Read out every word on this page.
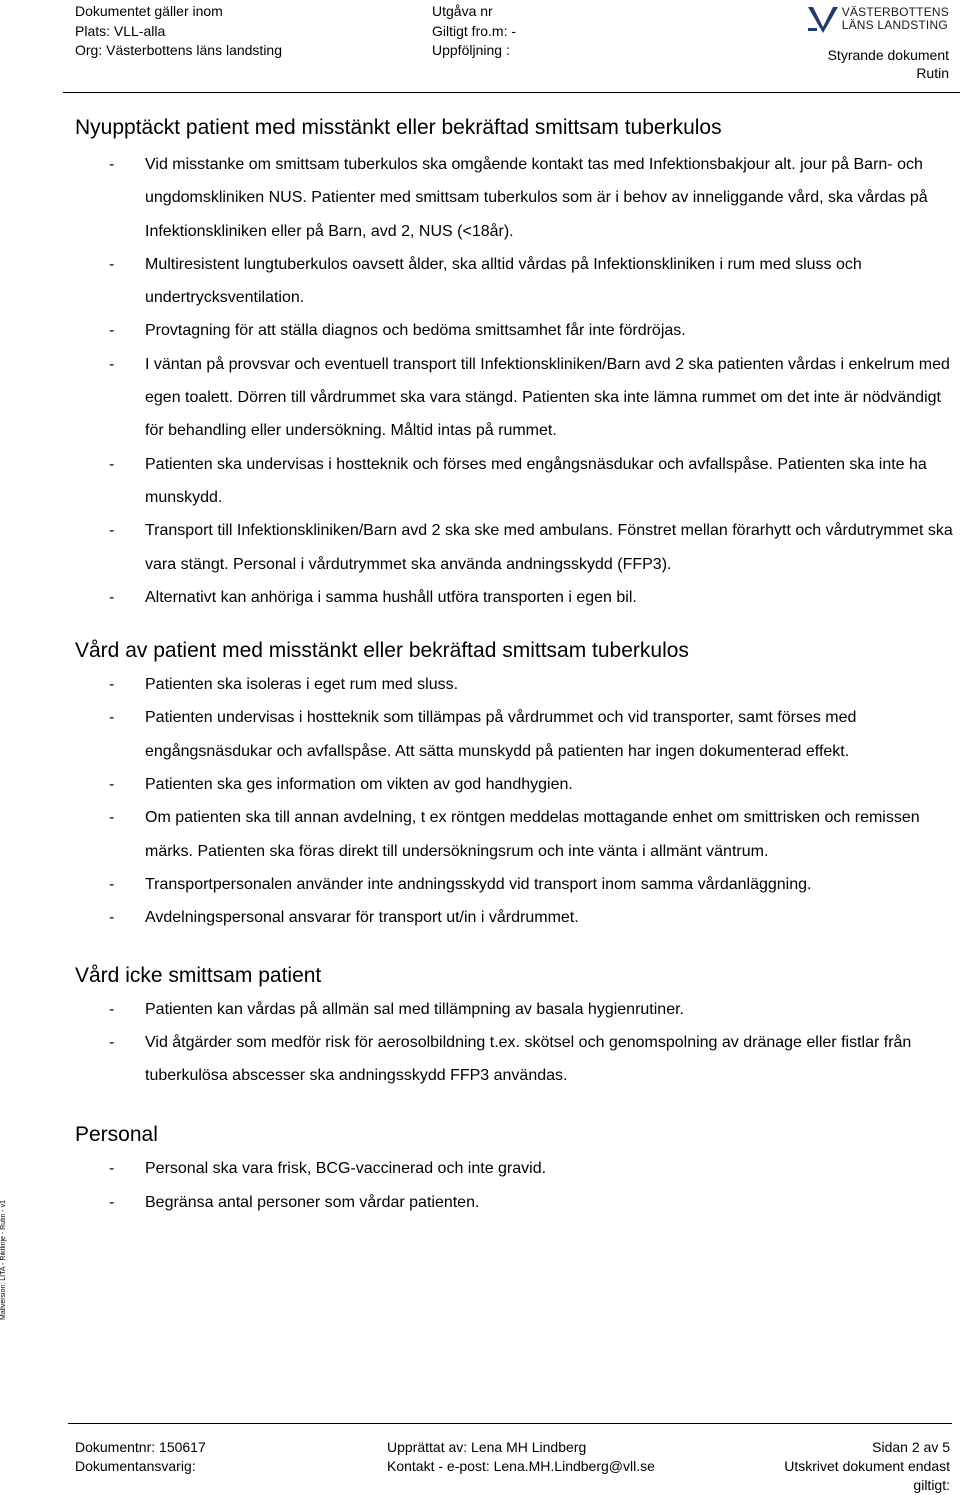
Dokumentet gäller inom
Plats: VLL-alla
Org: Västerbottens läns landsting
Utgåva nr
Giltigt fro.m: -
Uppföljning :
VÄSTERBOTTENS
LÄNS LANDSTING
Styrande dokument
Rutin
Mallversion: LITA - Riktlinje - Rutin - v1
Nyupptäckt patient med misstänkt eller bekräftad smittsam tuberkulos
- Vid misstanke om smittsam tuberkulos ska omgående kontakt tas med Infektionsbakjour alt. jour på Barn- och ungdomskliniken NUS. Patienter med smittsam tuberkulos som är i behov av inneliggande vård, ska vårdas på Infektionskliniken eller på Barn, avd 2, NUS (<18år).
- Multiresistent lungtuberkulos oavsett ålder, ska alltid vårdas på Infektionskliniken i rum med sluss och undertrycksventilation.
- Provtagning för att ställa diagnos och bedöma smittsamhet får inte fördröjas.
- I väntan på provsvar och eventuell transport till Infektionskliniken/Barn avd 2 ska patienten vårdas i enkelrum med egen toalett. Dörren till vårdrummet ska vara stängd. Patienten ska inte lämna rummet om det inte är nödvändigt för behandling eller undersökning. Måltid intas på rummet.
- Patienten ska undervisas i hostteknik och förses med engångsnäsdukar och avfallspåse. Patienten ska inte ha munskydd.
- Transport till Infektionskliniken/Barn avd 2 ska ske med ambulans. Fönstret mellan förarhytt och vårdutrymmet ska vara stängt. Personal i vårdutrymmet ska använda andningsskydd (FFP3).
- Alternativt kan anhöriga i samma hushåll utföra transporten i egen bil.
Vård av patient med misstänkt eller bekräftad smittsam tuberkulos
- Patienten ska isoleras i eget rum med sluss.
- Patienten undervisas i hostteknik som tillämpas på vårdrummet och vid transporter, samt förses med engångsnäsdukar och avfallspåse. Att sätta munskydd på patienten har ingen dokumenterad effekt.
- Patienten ska ges information om vikten av god handhygien.
- Om patienten ska till annan avdelning, t ex röntgen meddelas mottagande enhet om smittrisken och remissen märks. Patienten ska föras direkt till undersökningsrum och inte vänta i allmänt väntrum.
- Transportpersonalen använder inte andningsskydd vid transport inom samma vårdanläggning.
- Avdelningspersonal ansvarar för transport ut/in i vårdrummet.
Vård icke smittsam patient
- Patienten kan vårdas på allmän sal med tillämpning av basala hygienrutiner.
- Vid åtgärder som medför risk för aerosolbildning t.ex. skötsel och genomspolning av dränage eller fistlar från tuberkulösa abscesser ska andningsskydd FFP3 användas.
Personal
- Personal ska vara frisk, BCG-vaccinerad och inte gravid.
- Begränsa antal personer som vårdar patienten.
Dokumentnr: 150617
Dokumentansvarig:
Upprättat av: Lena MH Lindberg
Kontakt - e-post: Lena.MH.Lindberg@vll.se
Sidan 2 av 5
Utskrivet dokument endast
giltigt:
